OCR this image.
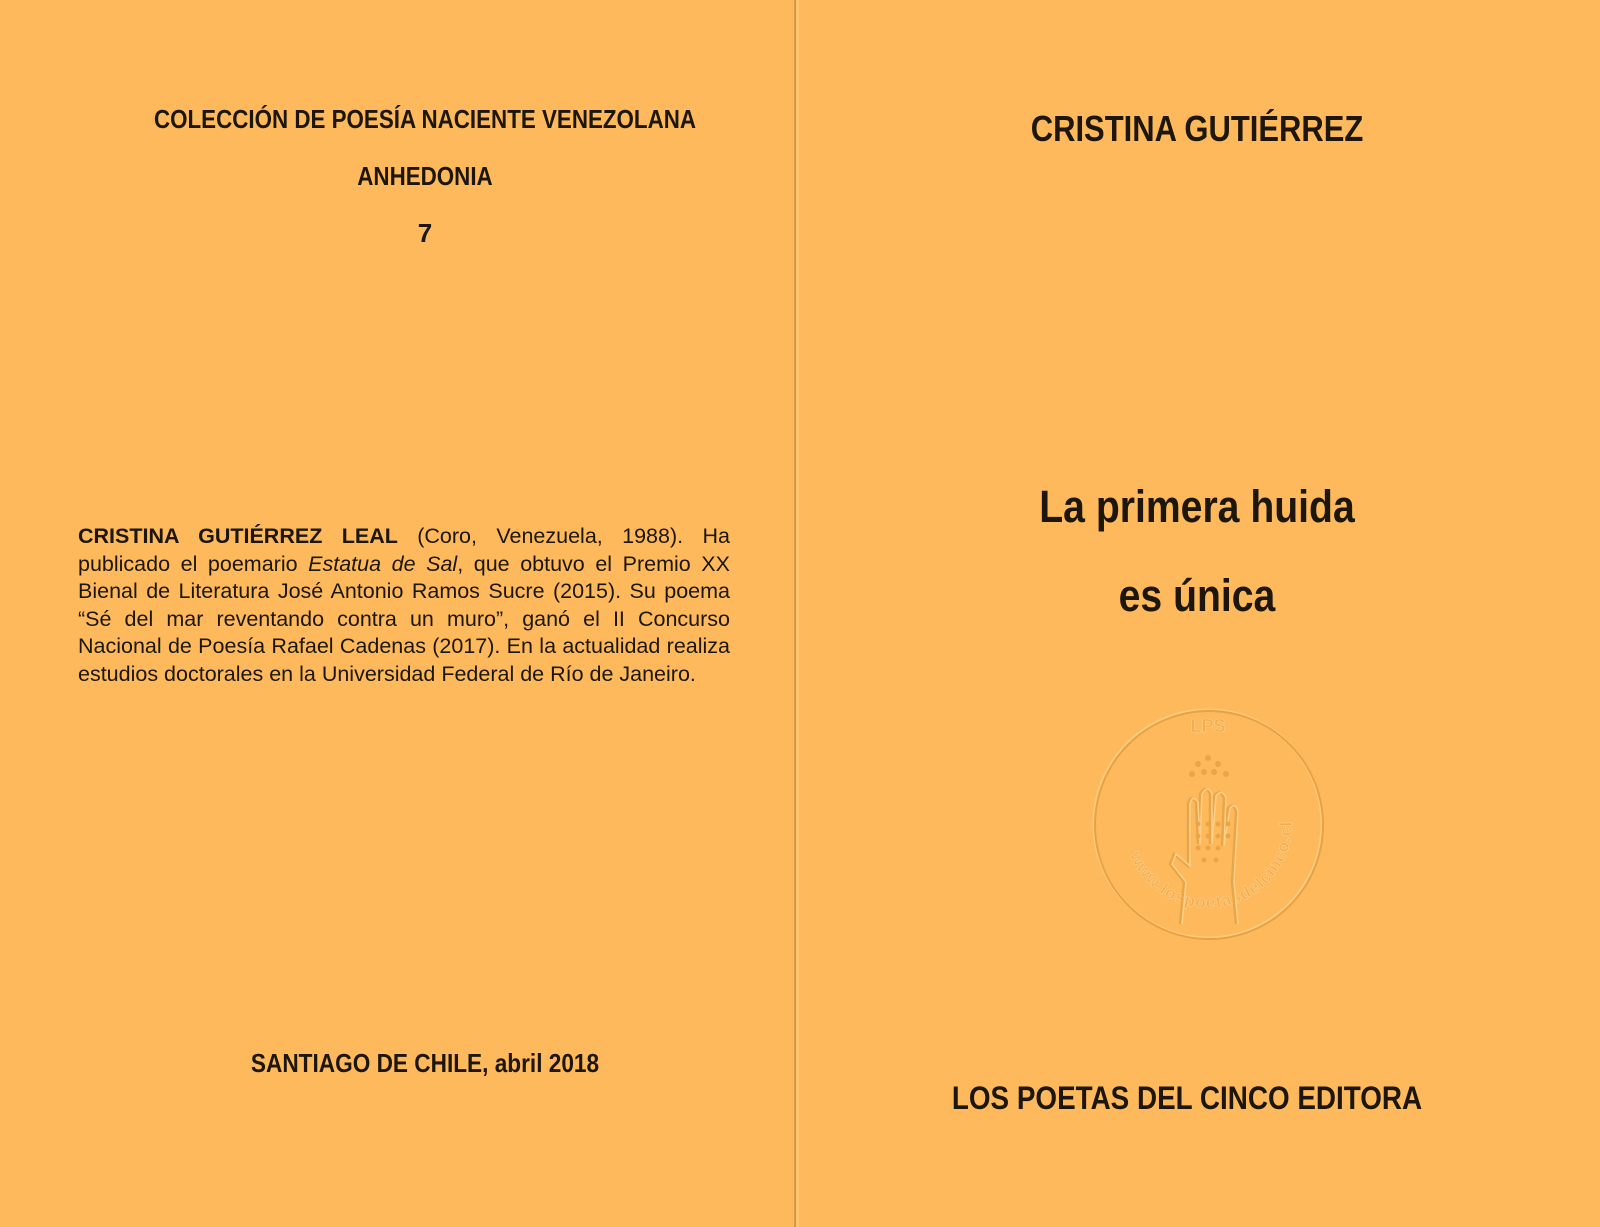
COLECCIÓN DE POESÍA NACIENTE VENEZOLANA
ANHEDONIA
7
CRISTINA GUTIÉRREZ LEAL (Coro, Venezuela, 1988). Ha publicado el poemario Estatua de Sal, que obtuvo el Premio XX Bienal de Literatura José Antonio Ramos Sucre (2015). Su poema “Sé del mar reventando contra un muro”, ganó el II Concurso Nacional de Poesía Rafael Cadenas (2017). En la actualidad realiza estudios doctorales en la Universidad Federal de Río de Janeiro.
SANTIAGO DE CHILE, abril 2018
CRISTINA GUTIÉRREZ
La primera huida
es única
LOS POETAS DEL CINCO EDITORA
LPS
www.lospoetasdelcinco.cl
